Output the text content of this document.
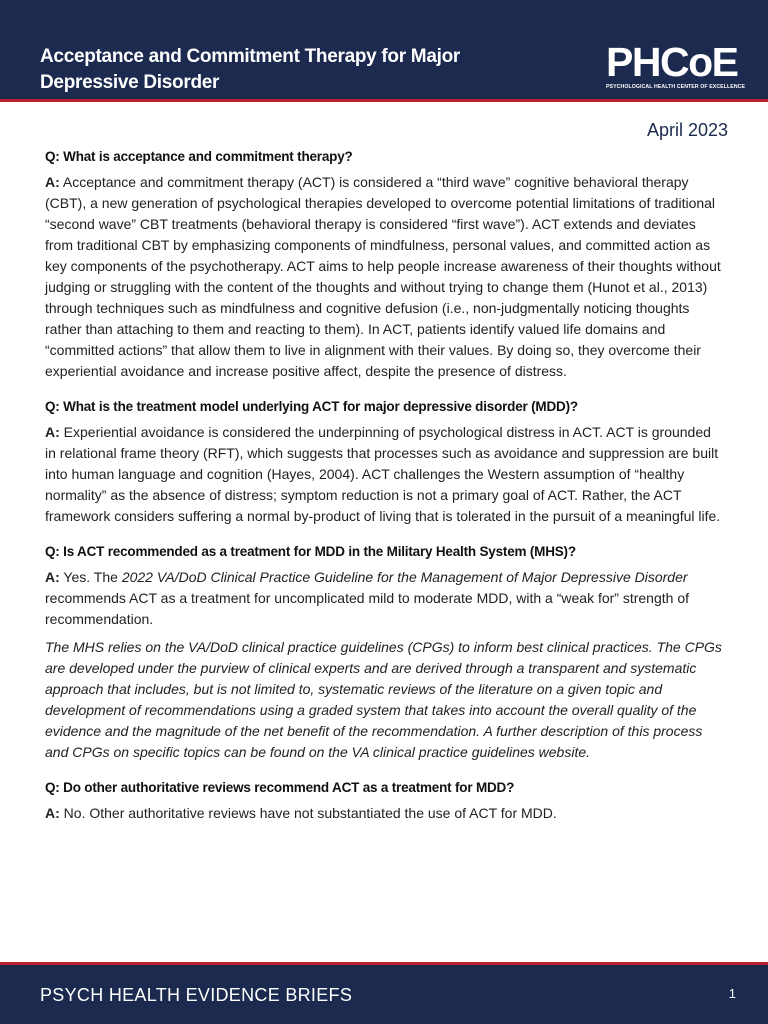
Acceptance and Commitment Therapy for Major Depressive Disorder	PHCoE
PSYCHOLOGICAL HEALTH CENTER OF EXCELLENCE
April 2023
Q: What is acceptance and commitment therapy?
A: Acceptance and commitment therapy (ACT) is considered a “third wave” cognitive behavioral therapy (CBT), a new generation of psychological therapies developed to overcome potential limitations of traditional “second wave” CBT treatments (behavioral therapy is considered “first wave”). ACT extends and deviates from traditional CBT by emphasizing components of mindfulness, personal values, and committed action as key components of the psychotherapy. ACT aims to help people increase awareness of their thoughts without judging or struggling with the content of the thoughts and without trying to change them (Hunot et al., 2013) through techniques such as mindfulness and cognitive defusion (i.e., non-judgmentally noticing thoughts rather than attaching to them and reacting to them). In ACT, patients identify valued life domains and “committed actions” that allow them to live in alignment with their values. By doing so, they overcome their experiential avoidance and increase positive affect, despite the presence of distress.
Q: What is the treatment model underlying ACT for major depressive disorder (MDD)?
A: Experiential avoidance is considered the underpinning of psychological distress in ACT. ACT is grounded in relational frame theory (RFT), which suggests that processes such as avoidance and suppression are built into human language and cognition (Hayes, 2004). ACT challenges the Western assumption of “healthy normality” as the absence of distress; symptom reduction is not a primary goal of ACT. Rather, the ACT framework considers suffering a normal by-product of living that is tolerated in the pursuit of a meaningful life.
Q: Is ACT recommended as a treatment for MDD in the Military Health System (MHS)?
A: Yes. The 2022 VA/DoD Clinical Practice Guideline for the Management of Major Depressive Disorder recommends ACT as a treatment for uncomplicated mild to moderate MDD, with a “weak for” strength of recommendation.
The MHS relies on the VA/DoD clinical practice guidelines (CPGs) to inform best clinical practices. The CPGs are developed under the purview of clinical experts and are derived through a transparent and systematic approach that includes, but is not limited to, systematic reviews of the literature on a given topic and development of recommendations using a graded system that takes into account the overall quality of the evidence and the magnitude of the net benefit of the recommendation. A further description of this process and CPGs on specific topics can be found on the VA clinical practice guidelines website.
Q: Do other authoritative reviews recommend ACT as a treatment for MDD?
A: No. Other authoritative reviews have not substantiated the use of ACT for MDD.
PSYCH HEALTH EVIDENCE BRIEFS	1
